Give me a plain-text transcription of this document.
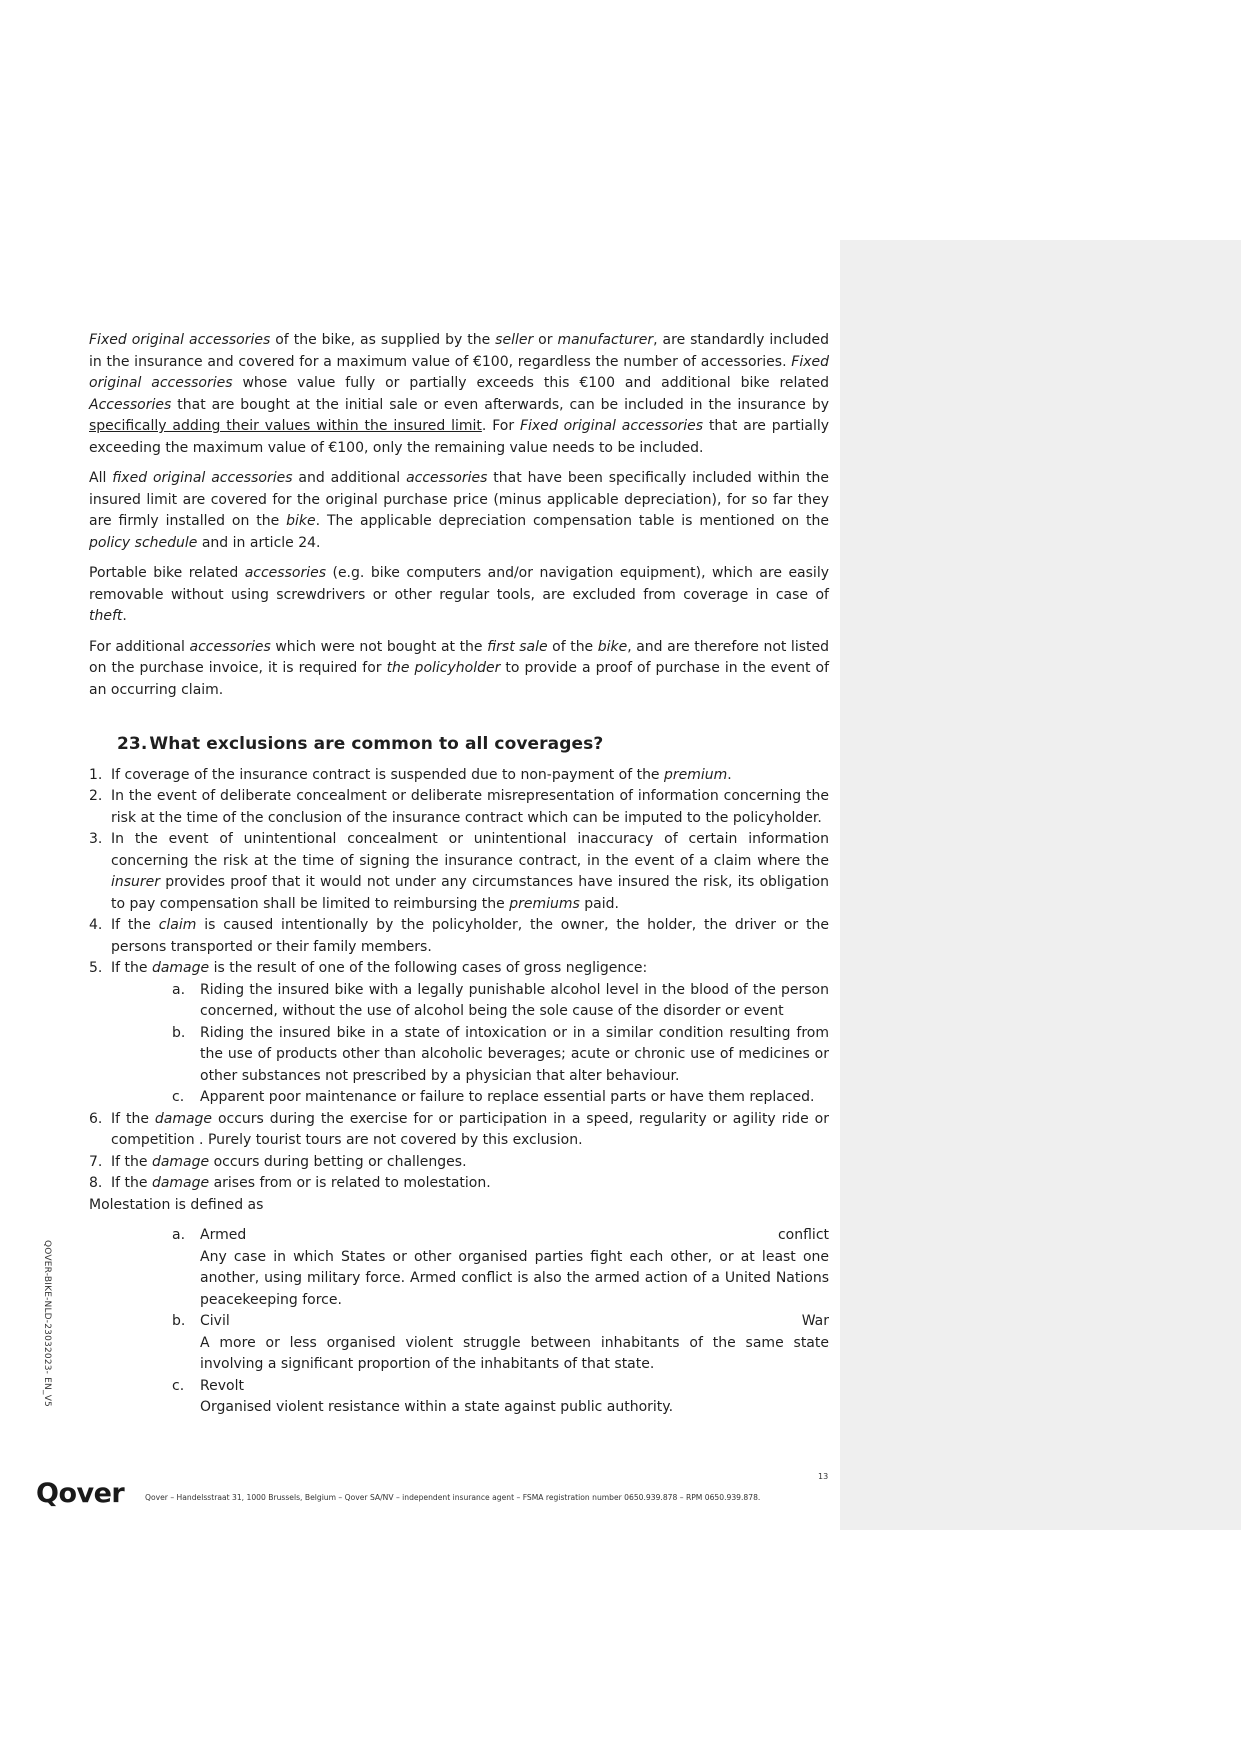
Fixed original accessories of the bike, as supplied by the seller or manufacturer, are standardly included in the insurance and covered for a maximum value of €100, regardless the number of accessories. Fixed original accessories whose value fully or partially exceeds this €100 and additional bike related Accessories that are bought at the initial sale or even afterwards, can be included in the insurance by specifically adding their values within the insured limit. For Fixed original accessories that are partially exceeding the maximum value of €100, only the remaining value needs to be included.

All fixed original accessories and additional accessories that have been specifically included within the insured limit are covered for the original purchase price (minus applicable depreciation), for so far they are firmly installed on the bike. The applicable depreciation compensation table is mentioned on the policy schedule and in article 24.

Portable bike related accessories (e.g. bike computers and/or navigation equipment), which are easily removable without using screwdrivers or other regular tools, are excluded from coverage in case of theft.

For additional accessories which were not bought at the first sale of the bike, and are therefore not listed on the purchase invoice, it is required for the policyholder to provide a proof of purchase in the event of an occurring claim.

23. What exclusions are common to all coverages?
1. If coverage of the insurance contract is suspended due to non-payment of the premium.
2. In the event of deliberate concealment or deliberate misrepresentation of information concerning the risk at the time of the conclusion of the insurance contract which can be imputed to the policyholder.
3. In the event of unintentional concealment or unintentional inaccuracy of certain information concerning the risk at the time of signing the insurance contract, in the event of a claim where the insurer provides proof that it would not under any circumstances have insured the risk, its obligation to pay compensation shall be limited to reimbursing the premiums paid.
4. If the claim is caused intentionally by the policyholder, the owner, the holder, the driver or the persons transported or their family members.
5. If the damage is the result of one of the following cases of gross negligence:
a. Riding the insured bike with a legally punishable alcohol level in the blood of the person concerned, without the use of alcohol being the sole cause of the disorder or event
b. Riding the insured bike in a state of intoxication or in a similar condition resulting from the use of products other than alcoholic beverages; acute or chronic use of medicines or other substances not prescribed by a physician that alter behaviour.
c. Apparent poor maintenance or failure to replace essential parts or have them replaced.
6. If the damage occurs during the exercise for or participation in a speed, regularity or agility ride or competition . Purely tourist tours are not covered by this exclusion.
7. If the damage occurs during betting or challenges.
8. If the damage arises from or is related to molestation.

Molestation is defined as

a. Armed	conflict
Any case in which States or other organised parties fight each other, or at least one another, using military force. Armed conflict is also the armed action of a United Nations peacekeeping force.
b. Civil	War
A more or less organised violent struggle between inhabitants of the same state involving a significant proportion of the inhabitants of that state.
c. Revolt
Organised violent resistance within a state against public authority.
QOVER-BIKE-NLD-23032023- EN_V5
13
Qover	Qover – Handelsstraat 31, 1000 Brussels, Belgium – Qover SA/NV – independent insurance agent – FSMA registration number 0650.939.878 – RPM 0650.939.878.
